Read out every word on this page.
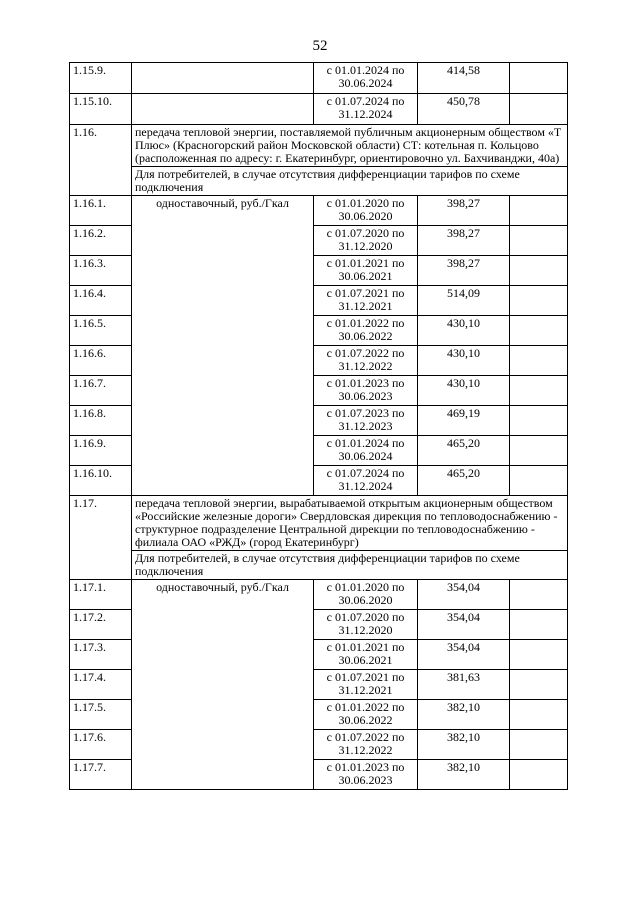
52
1.15.9.		с 01.01.2024 по 30.06.2024	414,58	
1.15.10.		с 01.07.2024 по 31.12.2024	450,78	
1.16.	передача тепловой энергии, поставляемой публичным акционерным обществом «Т Плюс» (Красногорский район Московской области) СТ: котельная п. Кольцово (расположенная по адресу: г. Екатеринбург, ориентировочно ул. Бахчиванджи, 40а)			
	Для потребителей, в случае отсутствия дифференциации тарифов по схеме подключения			
1.16.1.	одноставочный, руб./Гкал	с 01.01.2020 по 30.06.2020	398,27	
1.16.2.		с 01.07.2020 по 31.12.2020	398,27	
1.16.3.		с 01.01.2021 по 30.06.2021	398,27	
1.16.4.		с 01.07.2021 по 31.12.2021	514,09	
1.16.5.		с 01.01.2022 по 30.06.2022	430,10	
1.16.6.		с 01.07.2022 по 31.12.2022	430,10	
1.16.7.		с 01.01.2023 по 30.06.2023	430,10	
1.16.8.		с 01.07.2023 по 31.12.2023	469,19	
1.16.9.		с 01.01.2024 по 30.06.2024	465,20	
1.16.10.		с 01.07.2024 по 31.12.2024	465,20	
1.17.	передача тепловой энергии, вырабатываемой открытым акционерным обществом «Российские железные дороги» Свердловская дирекция по тепловодоснабжению - структурное подразделение Центральной дирекции по тепловодоснабжению - филиала ОАО «РЖД» (город Екатеринбург)			
	Для потребителей, в случае отсутствия дифференциации тарифов по схеме подключения			
1.17.1.	одноставочный, руб./Гкал	с 01.01.2020 по 30.06.2020	354,04	
1.17.2.		с 01.07.2020 по 31.12.2020	354,04	
1.17.3.		с 01.01.2021 по 30.06.2021	354,04	
1.17.4.		с 01.07.2021 по 31.12.2021	381,63	
1.17.5.		с 01.01.2022 по 30.06.2022	382,10	
1.17.6.		с 01.07.2022 по 31.12.2022	382,10	
1.17.7.		с 01.01.2023 по 30.06.2023	382,10	
